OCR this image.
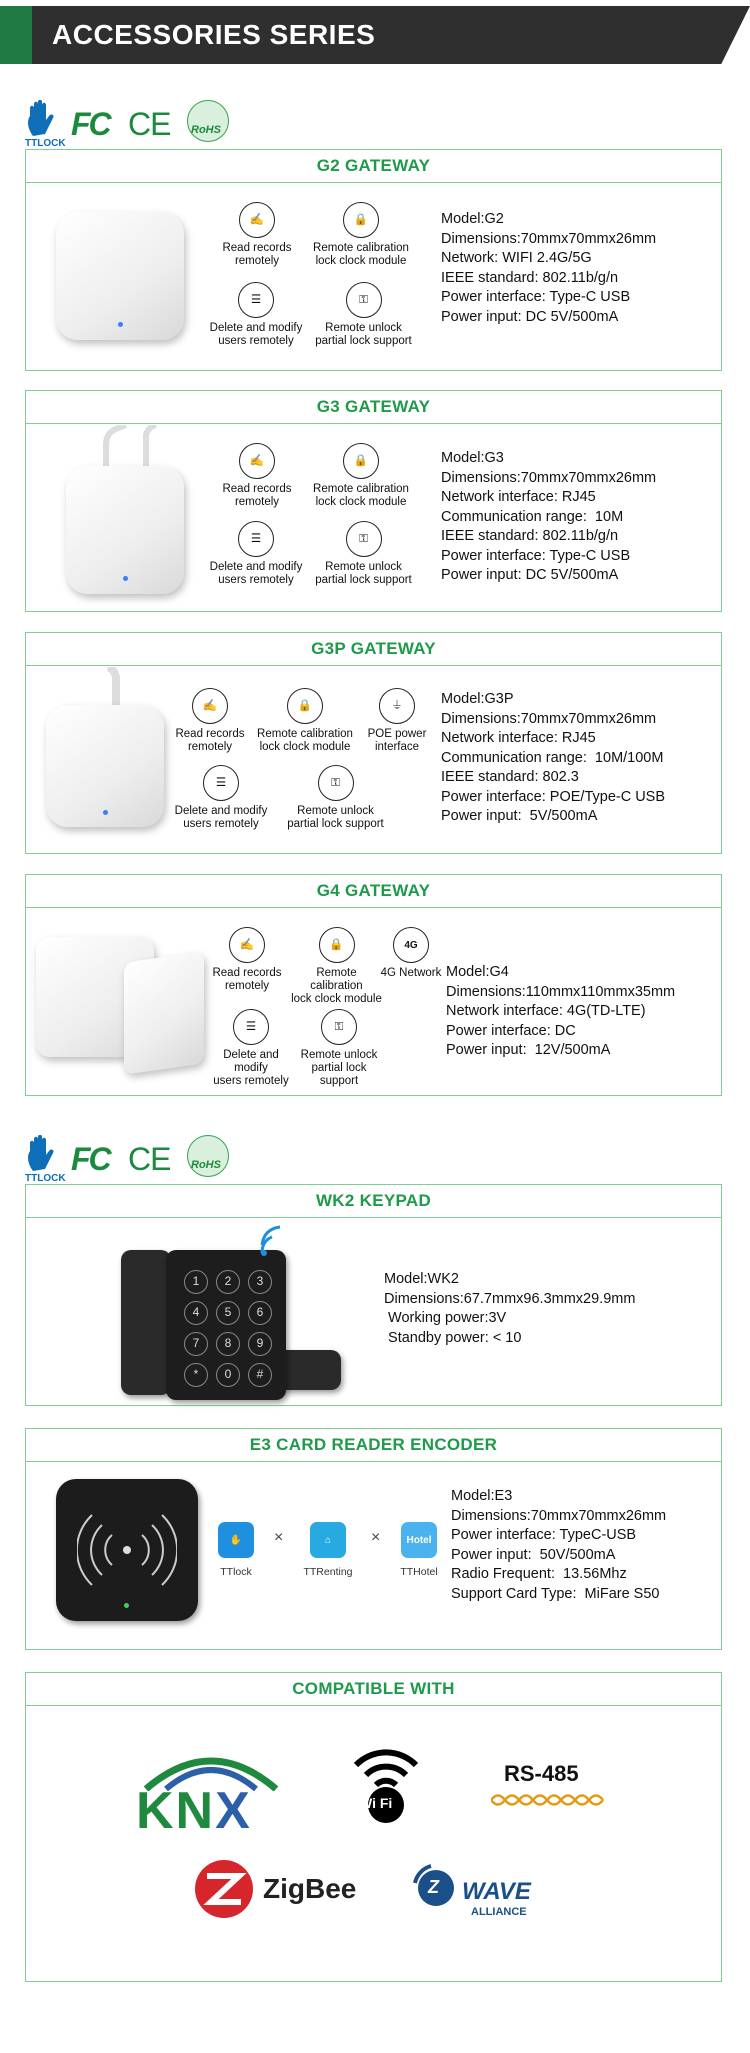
ACCESSORIES SERIES
TTLOCK
FC CE RoHS
G2 GATEWAY
✍
Read records
remotely
🔒
Remote calibration
lock clock module
☰
Delete and modify
users remotely
⚿
Remote unlock
partial lock support
Model:G2
Dimensions:70mmx70mmx26mm
Network: WIFI 2.4G/5G
IEEE standard: 802.11b/g/n
Power interface: Type-C USB
Power input: DC 5V/500mA
G3 GATEWAY
✍
Read records
remotely
🔒
Remote calibration
lock clock module
☰
Delete and modify
users remotely
⚿
Remote unlock
partial lock support
Model:G3
Dimensions:70mmx70mmx26mm
Network interface: RJ45
Communication range:  10M
IEEE standard: 802.11b/g/n
Power interface: Type-C USB
Power input: DC 5V/500mA
G3P GATEWAY
✍
Read records
remotely
🔒
Remote calibration
lock clock module
⏚
POE power
interface
☰
Delete and modify
users remotely
⚿
Remote unlock
partial lock support
Model:G3P
Dimensions:70mmx70mmx26mm
Network interface: RJ45
Communication range:  10M/100M
IEEE standard: 802.3
Power interface: POE/Type-C USB
Power input:  5V/500mA
G4 GATEWAY
✍
Read records
remotely
🔒
Remote
calibration
lock clock module
4G
4G Network
☰
Delete and
modify
users remotely
⚿
Remote unlock
partial lock
support
Model:G4
Dimensions:110mmx110mmx35mm
Network interface: 4G(TD-LTE)
Power interface: DC
Power input:  12V/500mA
TTLOCK
FC CE RoHS
WK2 KEYPAD
1	2	3
4	5	6
7	8	9
*	0	#
Model:WK2
Dimensions:67.7mmx96.3mmx29.9mm
Working power:3V
Standby power: < 10
E3 CARD READER ENCODER
✋
TTlock
×	⌂
TTRenting
×	Hotel
TTHotel
Model:E3
Dimensions:70mmx70mmx26mm
Power interface: TypeC-USB
Power input:  50V/500mA
Radio Frequent:  13.56Mhz
Support Card Type:  MiFare S50
COMPATIBLE WITH
KNX	Wi Fi
RS-485
ZigBee	Z WAVE
ALLIANCE
